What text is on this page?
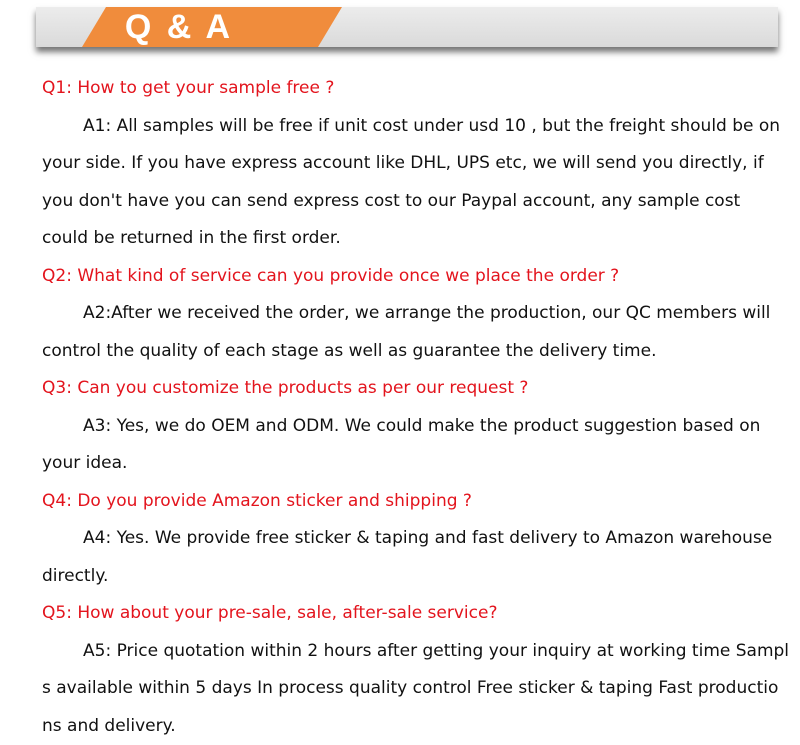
Q & A
Q1: How to get your sample free ?
A1: All samples will be free if unit cost under usd 10 , but the freight should be on
your side. If you have express account like DHL, UPS etc, we will send you directly, if
you don't have you can send express cost to our Paypal account, any sample cost
could be returned in the first order.
Q2: What kind of service can you provide once we place the order ?
A2:After we received the order, we arrange the production, our QC members will
control the quality of each stage as well as guarantee the delivery time.
Q3: Can you customize the products as per our request ?
A3: Yes, we do OEM and ODM. We could make the product suggestion based on
your idea.
Q4: Do you provide Amazon sticker and shipping ?
A4: Yes. We provide free sticker & taping and fast delivery to Amazon warehouse
directly.
Q5: How about your pre-sale, sale, after-sale service?
A5: Price quotation within 2 hours after getting your inquiry at working time Sampl
s available within 5 days In process quality control Free sticker & taping Fast productio
ns and delivery.
